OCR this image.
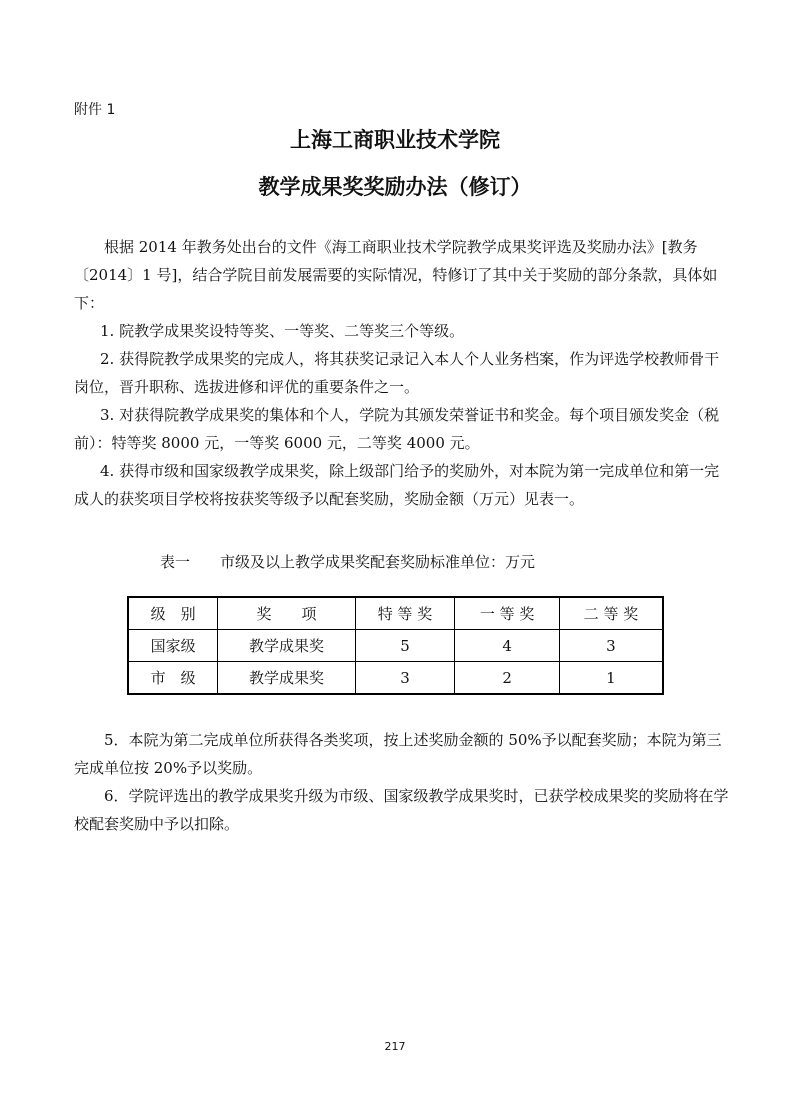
附件 1
上海工商职业技术学院
教学成果奖奖励办法（修订）

根据 2014 年教务处出台的文件《海工商职业技术学院教学成果奖评选及奖励办法》[教务〔2014〕1 号]，结合学院目前发展需要的实际情况，特修订了其中关于奖励的部分条款，具体如下：

1. 院教学成果奖设特等奖、一等奖、二等奖三个等级。

2. 获得院教学成果奖的完成人，将其获奖记录记入本人个人业务档案，作为评选学校教师骨干岗位，晋升职称、选拔进修和评优的重要条件之一。

3. 对获得院教学成果奖的集体和个人，学院为其颁发荣誉证书和奖金。每个项目颁发奖金（税前）：特等奖 8000 元，一等奖 6000 元，二等奖 4000 元。

4. 获得市级和国家级教学成果奖，除上级部门给予的奖励外，对本院为第一完成单位和第一完成人的获奖项目学校将按获奖等级予以配套奖励，奖励金额（万元）见表一。

表一　　市级及以上教学成果奖配套奖励标准单位：万元
级　别	奖　　项	特 等 奖	一 等 奖	二 等 奖
国家级	教学成果奖	5	4	3
市　级	教学成果奖	3	2	1

5．本院为第二完成单位所获得各类奖项，按上述奖励金额的 50%予以配套奖励；本院为第三完成单位按 20%予以奖励。

6．学院评选出的教学成果奖升级为市级、国家级教学成果奖时，已获学校成果奖的奖励将在学校配套奖励中予以扣除。

217
